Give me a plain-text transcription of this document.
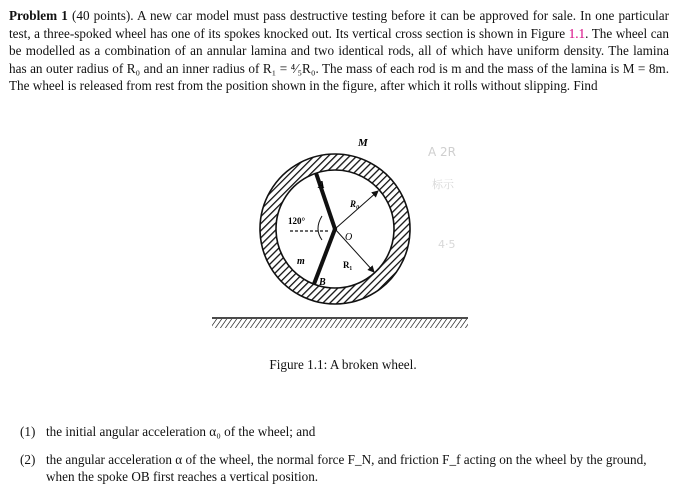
Problem 1 (40 points). A new car model must pass destructive testing before it can be approved for sale. In one particular test, a three-spoked wheel has one of its spokes knocked out. Its vertical cross section is shown in Figure 1.1. The wheel can be modelled as a combination of an annular lamina and two identical rods, all of which have uniform density. The lamina has an outer radius of R₀ and an inner radius of R₁ = ⁴⁄₅R₀. The mass of each rod is m and the mass of the lamina is M = 8m. The wheel is released from rest from the position shown in the figure, after which it rolls without slipping. Find
A 2R
标示
4·5
M
A
R₀
120°
O
m	R₁
B
Figure 1.1: A broken wheel.
(1) the initial angular acceleration α₀ of the wheel; and
(2) the angular acceleration α of the wheel, the normal force F_N, and friction F_f acting on the wheel by the ground, when the spoke OB first reaches a vertical position.
